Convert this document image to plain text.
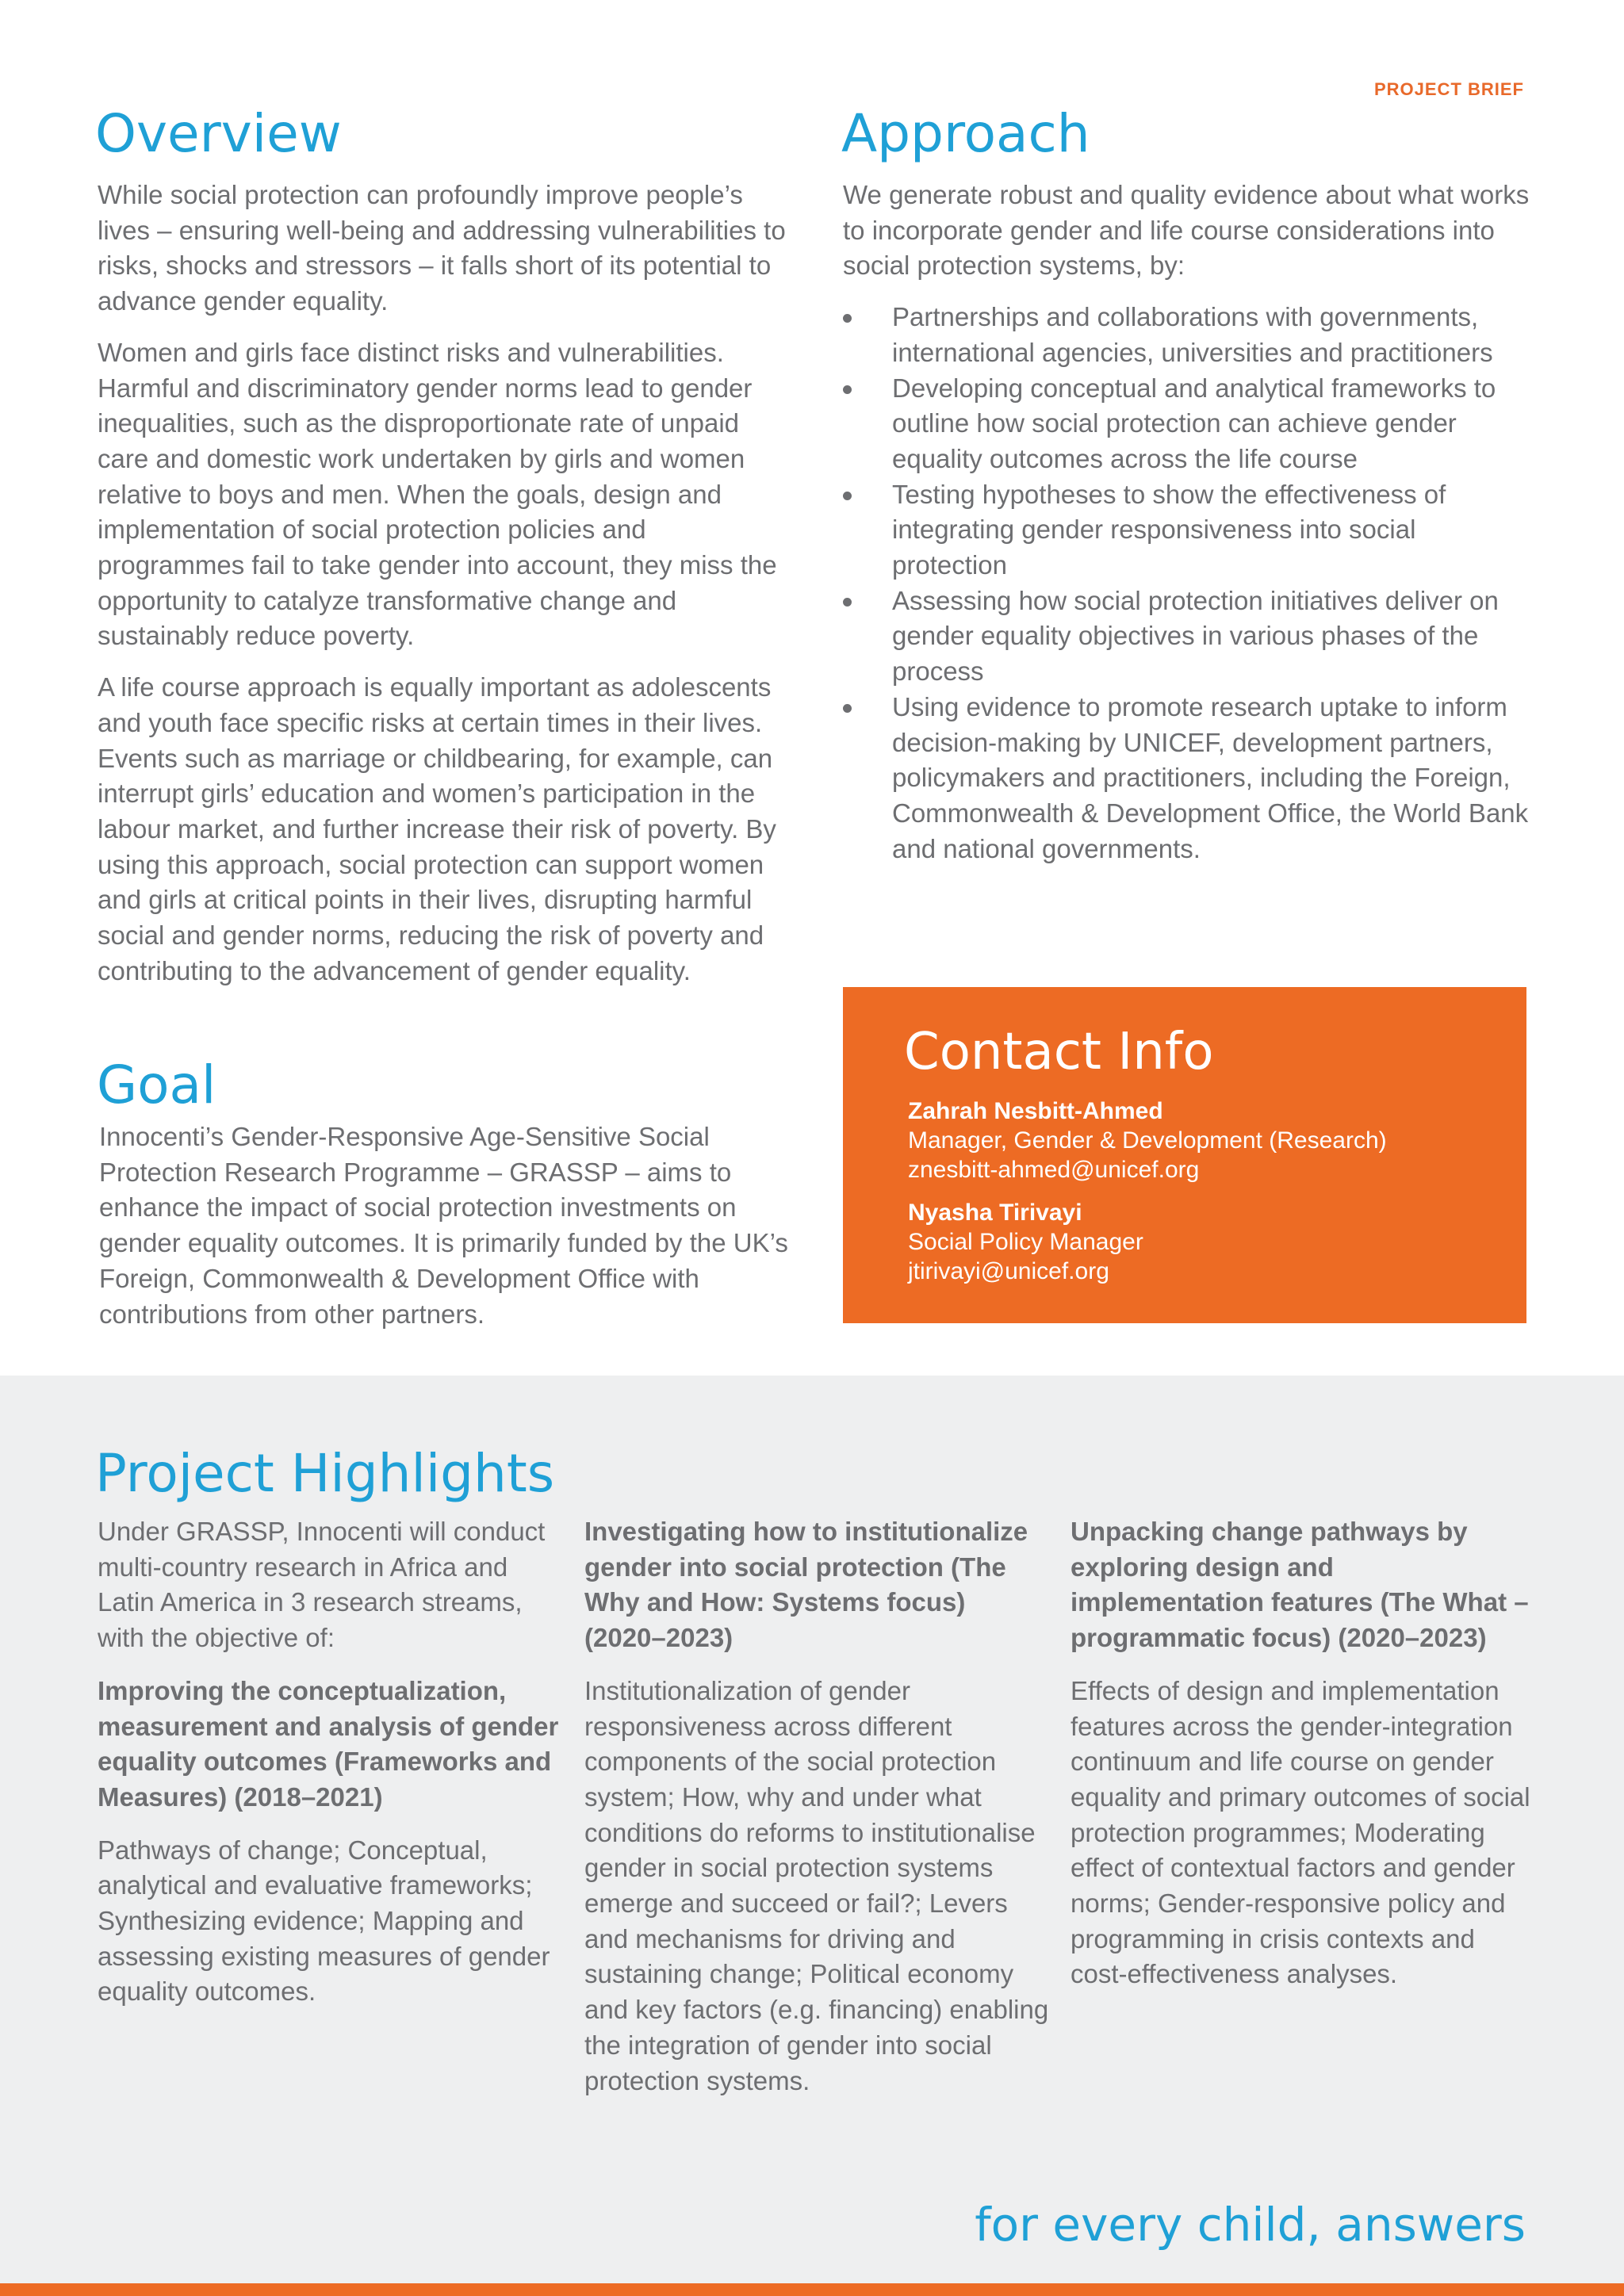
PROJECT BRIEF
Overview

While social protection can profoundly improve people’s lives – ensuring well-being and addressing vulnerabilities to risks, shocks and stressors – it falls short of its potential to advance gender equality.

Women and girls face distinct risks and vulnerabilities. Harmful and discriminatory gender norms lead to gender inequalities, such as the disproportionate rate of unpaid care and domestic work undertaken by girls and women relative to boys and men. When the goals, design and implementation of social protection policies and programmes fail to take gender into account, they miss the opportunity to catalyze transformative change and sustainably reduce poverty.

A life course approach is equally important as adolescents and youth face specific risks at certain times in their lives. Events such as marriage or childbearing, for example, can interrupt girls’ education and women’s participation in the labour market, and further increase their risk of poverty. By using this approach, social protection can support women and girls at critical points in their lives, disrupting harmful social and gender norms, reducing the risk of poverty and contributing to the advancement of gender equality.

Goal
Innocenti’s Gender-Responsive Age-Sensitive Social Protection Research Programme – GRASSP – aims to enhance the impact of social protection investments on gender equality outcomes. It is primarily funded by the UK’s Foreign, Commonwealth & Development Office with contributions from other partners.
Approach

We generate robust and quality evidence about what works to incorporate gender and life course considerations into social protection systems, by:

Partnerships and collaborations with governments, international agencies, universities and practitioners
Developing conceptual and analytical frameworks to outline how social protection can achieve gender equality outcomes across the life course
Testing hypotheses to show the effectiveness of integrating gender responsiveness into social protection
Assessing how social protection initiatives deliver on gender equality objectives in various phases of the process
Using evidence to promote research uptake to inform decision-making by UNICEF, development partners, policymakers and practitioners, including the Foreign, Commonwealth & Development Office, the World Bank and national governments.
Contact Info
Zahrah Nesbitt-Ahmed
Manager, Gender & Development (Research)
znesbitt-ahmed@unicef.org
Nyasha Tirivayi
Social Policy Manager
jtirivayi@unicef.org
Project Highlights

Under GRASSP, Innocenti will conduct multi-country research in Africa and Latin America in 3 research streams, with the objective of:

Improving the conceptualization, measurement and analysis of gender equality outcomes (Frameworks and Measures) (2018–2021)

Pathways of change; Conceptual, analytical and evaluative frameworks; Synthesizing evidence; Mapping and assessing existing measures of gender equality outcomes.

Investigating how to institutionalize gender into social protection (The Why and How: Systems focus) (2020–2023)

Institutionalization of gender responsiveness across different components of the social protection system; How, why and under what conditions do reforms to institutionalise gender in social protection systems emerge and succeed or fail?; Levers and mechanisms for driving and sustaining change; Political economy and key factors (e.g. financing) enabling the integration of gender into social protection systems.

Unpacking change pathways by exploring design and implementation features (The What – programmatic focus) (2020–2023)

Effects of design and implementation features across the gender-integration continuum and life course on gender equality and primary outcomes of social protection programmes; Moderating effect of contextual factors and gender norms; Gender-responsive policy and programming in crisis contexts and cost-effectiveness analyses.

for every child, answers
